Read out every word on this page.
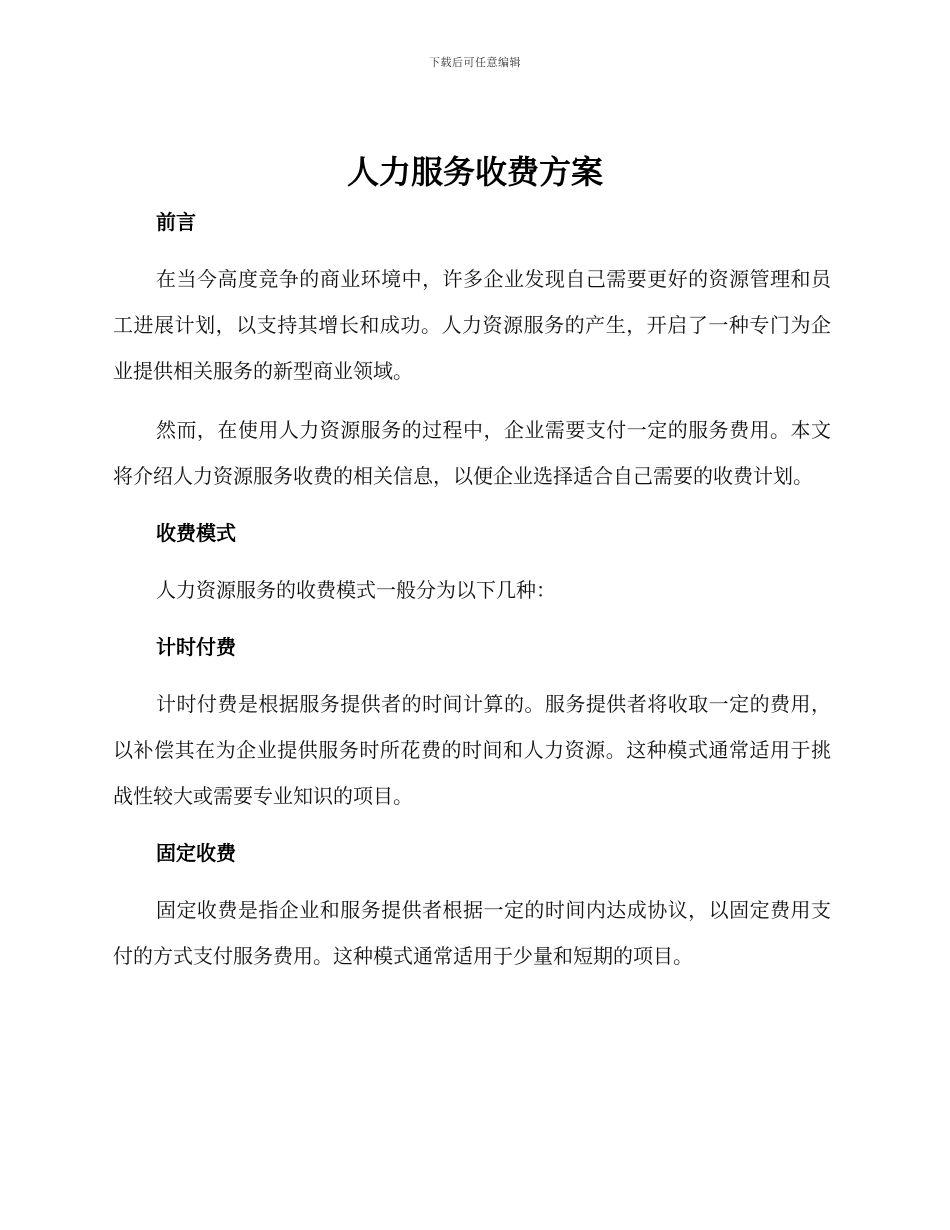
下载后可任意编辑
人力服务收费方案

前言

在当今高度竞争的商业环境中，许多企业发现自己需要更好的资源管理和员工进展计划，以支持其增长和成功。人力资源服务的产生，开启了一种专门为企业提供相关服务的新型商业领域。

然而，在使用人力资源服务的过程中，企业需要支付一定的服务费用。本文将介绍人力资源服务收费的相关信息，以便企业选择适合自己需要的收费计划。

收费模式

人力资源服务的收费模式一般分为以下几种：

计时付费

计时付费是根据服务提供者的时间计算的。服务提供者将收取一定的费用，以补偿其在为企业提供服务时所花费的时间和人力资源。这种模式通常适用于挑战性较大或需要专业知识的项目。

固定收费

固定收费是指企业和服务提供者根据一定的时间内达成协议，以固定费用支付的方式支付服务费用。这种模式通常适用于少量和短期的项目。
